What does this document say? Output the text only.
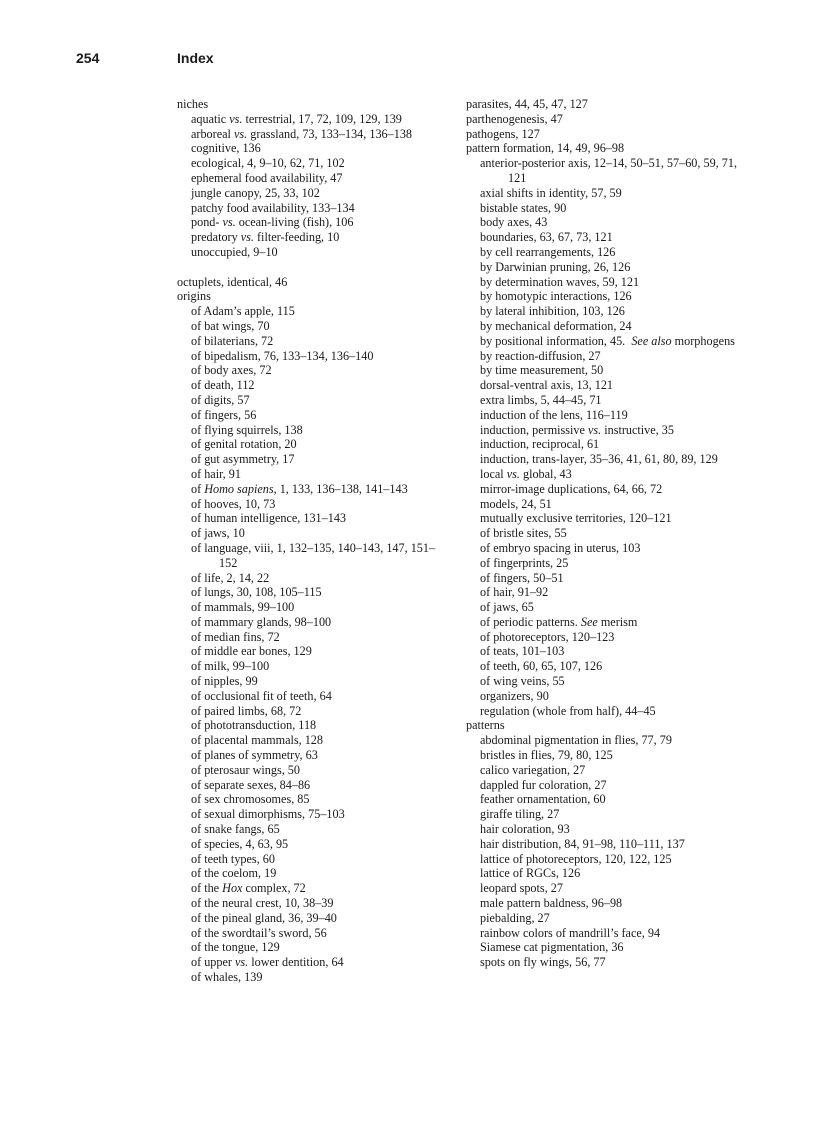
254	Index
niches
aquatic vs. terrestrial, 17, 72, 109, 129, 139
arboreal vs. grassland, 73, 133–134, 136–138
cognitive, 136
ecological, 4, 9–10, 62, 71, 102
ephemeral food availability, 47
jungle canopy, 25, 33, 102
patchy food availability, 133–134
pond- vs. ocean-living (fish), 106
predatory vs. filter-feeding, 10
unoccupied, 9–10
octuplets, identical, 46
origins
of Adam’s apple, 115
of bat wings, 70
of bilaterians, 72
of bipedalism, 76, 133–134, 136–140
of body axes, 72
of death, 112
of digits, 57
of fingers, 56
of flying squirrels, 138
of genital rotation, 20
of gut asymmetry, 17
of hair, 91
of Homo sapiens, 1, 133, 136–138, 141–143
of hooves, 10, 73
of human intelligence, 131–143
of jaws, 10
of language, viii, 1, 132–135, 140–143, 147, 151–152
of life, 2, 14, 22
of lungs, 30, 108, 105–115
of mammals, 99–100
of mammary glands, 98–100
of median fins, 72
of middle ear bones, 129
of milk, 99–100
of nipples, 99
of occlusional fit of teeth, 64
of paired limbs, 68, 72
of phototransduction, 118
of placental mammals, 128
of planes of symmetry, 63
of pterosaur wings, 50
of separate sexes, 84–86
of sex chromosomes, 85
of sexual dimorphisms, 75–103
of snake fangs, 65
of species, 4, 63, 95
of teeth types, 60
of the coelom, 19
of the Hox complex, 72
of the neural crest, 10, 38–39
of the pineal gland, 36, 39–40
of the swordtail’s sword, 56
of the tongue, 129
of upper vs. lower dentition, 64
of whales, 139
parasites, 44, 45, 47, 127
parthenogenesis, 47
pathogens, 127
pattern formation, 14, 49, 96–98
anterior-posterior axis, 12–14, 50–51, 57–60, 59, 71, 121
axial shifts in identity, 57, 59
bistable states, 90
body axes, 43
boundaries, 63, 67, 73, 121
by cell rearrangements, 126
by Darwinian pruning, 26, 126
by determination waves, 59, 121
by homotypic interactions, 126
by lateral inhibition, 103, 126
by mechanical deformation, 24
by positional information, 45.  See also morphogens
by reaction-diffusion, 27
by time measurement, 50
dorsal-ventral axis, 13, 121
extra limbs, 5, 44–45, 71
induction of the lens, 116–119
induction, permissive vs. instructive, 35
induction, reciprocal, 61
induction, trans-layer, 35–36, 41, 61, 80, 89, 129
local vs. global, 43
mirror-image duplications, 64, 66, 72
models, 24, 51
mutually exclusive territories, 120–121
of bristle sites, 55
of embryo spacing in uterus, 103
of fingerprints, 25
of fingers, 50–51
of hair, 91–92
of jaws, 65
of periodic patterns. See merism
of photoreceptors, 120–123
of teats, 101–103
of teeth, 60, 65, 107, 126
of wing veins, 55
organizers, 90
regulation (whole from half), 44–45
patterns
abdominal pigmentation in flies, 77, 79
bristles in flies, 79, 80, 125
calico variegation, 27
dappled fur coloration, 27
feather ornamentation, 60
giraffe tiling, 27
hair coloration, 93
hair distribution, 84, 91–98, 110–111, 137
lattice of photoreceptors, 120, 122, 125
lattice of RGCs, 126
leopard spots, 27
male pattern baldness, 96–98
piebalding, 27
rainbow colors of mandrill’s face, 94
Siamese cat pigmentation, 36
spots on fly wings, 56, 77
